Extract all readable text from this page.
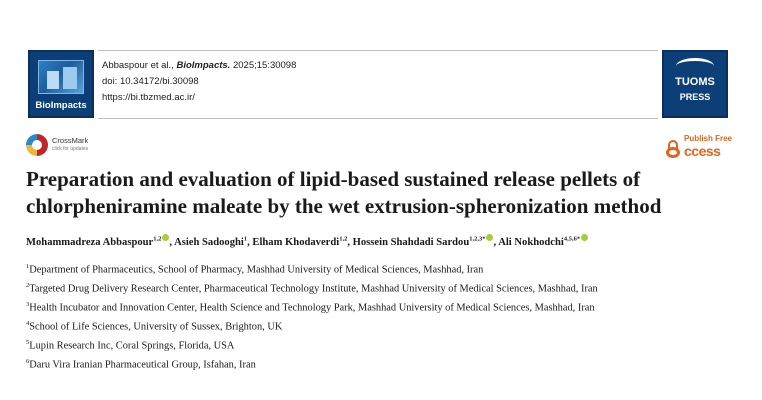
BioImpacts
Abbaspour et al., BioImpacts. 2025;15:30098
doi: 10.34172/bi.30098
https://bi.tbzmed.ac.ir/
TUOMS
PRESS
CrossMark
click for updates
Publish Free
ccess
Preparation and evaluation of lipid-based sustained release pellets of chlorpheniramine maleate by the wet extrusion-spheronization method
Mohammadreza Abbaspour$^{1,2}$ , Asieh Sadooghi$^1$, Elham Khodaverdi$^{1,2}$, Hossein Shahdadi Sardou$^{1,2,3*}$ , Ali Nokhodchi$^{4,5,6*}$
$^1$Department of Pharmaceutics, School of Pharmacy, Mashhad University of Medical Sciences, Mashhad, Iran
$^2$Targeted Drug Delivery Research Center, Pharmaceutical Technology Institute, Mashhad University of Medical Sciences, Mashhad, Iran
$^3$Health Incubator and Innovation Center, Health Science and Technology Park, Mashhad University of Medical Sciences, Mashhad, Iran
$^4$School of Life Sciences, University of Sussex, Brighton, UK
$^5$Lupin Research Inc, Coral Springs, Florida, USA
$^6$Daru Vira Iranian Pharmaceutical Group, Isfahan, Iran
